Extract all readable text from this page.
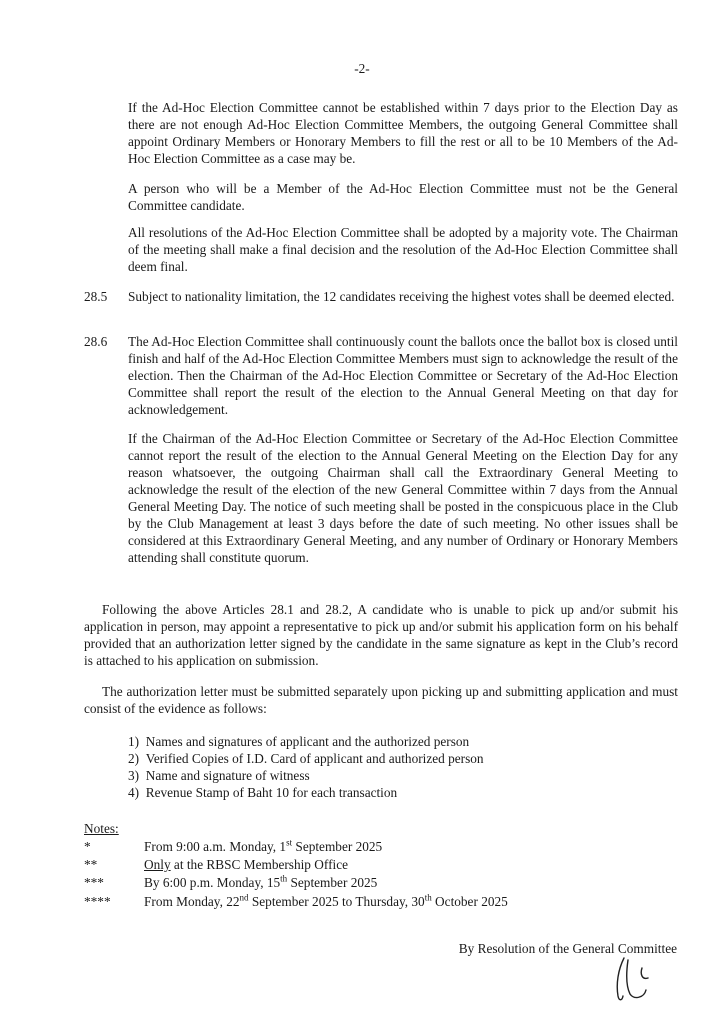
-2-
If the Ad-Hoc Election Committee cannot be established within 7 days prior to the Election Day as there are not enough Ad-Hoc Election Committee Members, the outgoing General Committee shall appoint Ordinary Members or Honorary Members to fill the rest or all to be 10 Members of the Ad-Hoc Election Committee as a case may be.
A person who will be a Member of the Ad-Hoc Election Committee must not be the General Committee candidate.
All resolutions of the Ad-Hoc Election Committee shall be adopted by a majority vote. The Chairman of the meeting shall make a final decision and the resolution of the Ad-Hoc Election Committee shall deem final.
28.5	Subject to nationality limitation, the 12 candidates receiving the highest votes shall be deemed elected.
28.6	The Ad-Hoc Election Committee shall continuously count the ballots once the ballot box is closed until finish and half of the Ad-Hoc Election Committee Members must sign to acknowledge the result of the election. Then the Chairman of the Ad-Hoc Election Committee or Secretary of the Ad-Hoc Election Committee shall report the result of the election to the Annual General Meeting on that day for acknowledgement.
If the Chairman of the Ad-Hoc Election Committee or Secretary of the Ad-Hoc Election Committee cannot report the result of the election to the Annual General Meeting on the Election Day for any reason whatsoever, the outgoing Chairman shall call the Extraordinary General Meeting to acknowledge the result of the election of the new General Committee within 7 days from the Annual General Meeting Day. The notice of such meeting shall be posted in the conspicuous place in the Club by the Club Management at least 3 days before the date of such meeting. No other issues shall be considered at this Extraordinary General Meeting, and any number of Ordinary or Honorary Members attending shall constitute quorum.
Following the above Articles 28.1 and 28.2, A candidate who is unable to pick up and/or submit his application in person, may appoint a representative to pick up and/or submit his application form on his behalf provided that an authorization letter signed by the candidate in the same signature as kept in the Club’s record is attached to his application on submission.
The authorization letter must be submitted separately upon picking up and submitting application and must consist of the evidence as follows:
1)  Names and signatures of applicant and the authorized person
2)  Verified Copies of I.D. Card of applicant and authorized person
3)  Name and signature of witness
4)  Revenue Stamp of Baht 10 for each transaction
Notes:
*	From 9:00 a.m. Monday, 1st September 2025
**	Only at the RBSC Membership Office
***	By 6:00 p.m. Monday, 15th September 2025
****	From Monday, 22nd September 2025 to Thursday, 30th October 2025
By Resolution of the General Committee
